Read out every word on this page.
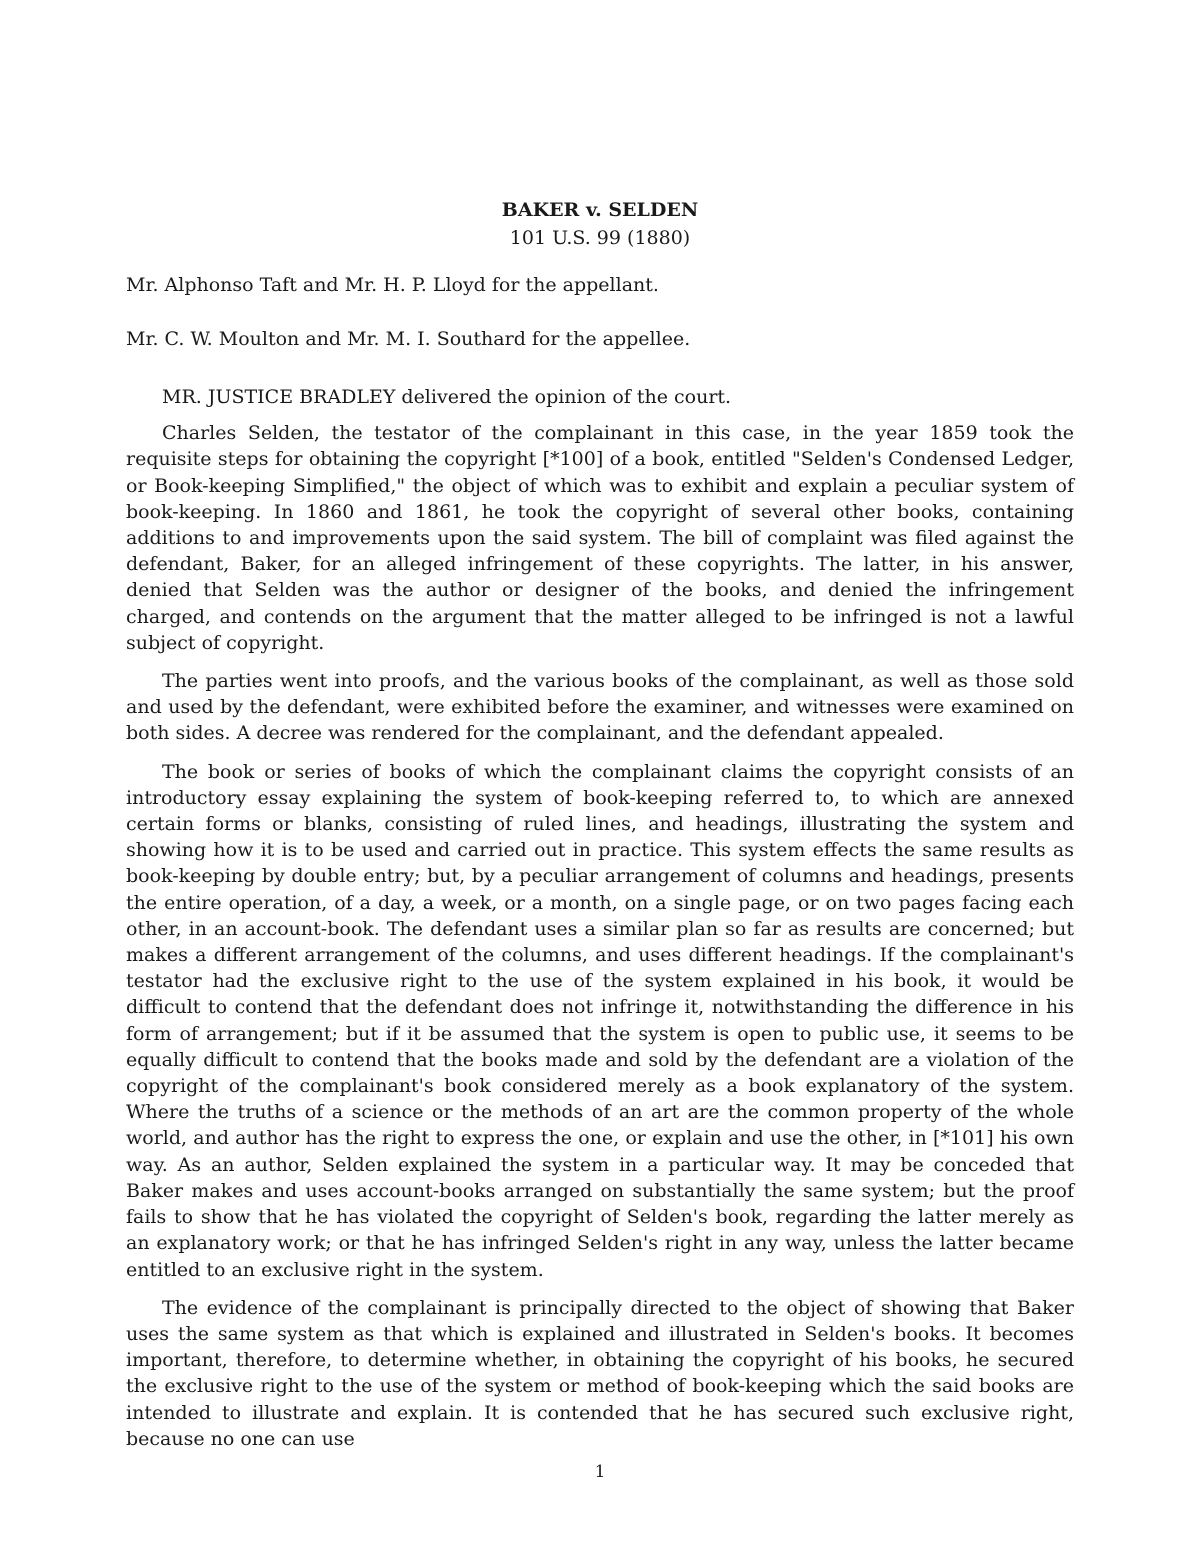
BAKER v. SELDEN

101 U.S. 99 (1880)

Mr. Alphonso Taft and Mr. H. P. Lloyd for the appellant.

Mr. C. W. Moulton and Mr. M. I. Southard for the appellee.

MR. JUSTICE BRADLEY delivered the opinion of the court.

Charles Selden, the testator of the complainant in this case, in the year 1859 took the requisite steps for obtaining the copyright [*100] of a book, entitled "Selden's Condensed Ledger, or Book-keeping Simplified," the object of which was to exhibit and explain a peculiar system of book-keeping. In 1860 and 1861, he took the copyright of several other books, containing additions to and improvements upon the said system. The bill of complaint was filed against the defendant, Baker, for an alleged infringement of these copyrights. The latter, in his answer, denied that Selden was the author or designer of the books, and denied the infringement charged, and contends on the argument that the matter alleged to be infringed is not a lawful subject of copyright.

The parties went into proofs, and the various books of the complainant, as well as those sold and used by the defendant, were exhibited before the examiner, and witnesses were examined on both sides. A decree was rendered for the complainant, and the defendant appealed.

The book or series of books of which the complainant claims the copyright consists of an introductory essay explaining the system of book-keeping referred to, to which are annexed certain forms or blanks, consisting of ruled lines, and headings, illustrating the system and showing how it is to be used and carried out in practice. This system effects the same results as book-keeping by double entry; but, by a peculiar arrangement of columns and headings, presents the entire operation, of a day, a week, or a month, on a single page, or on two pages facing each other, in an account-book. The defendant uses a similar plan so far as results are concerned; but makes a different arrangement of the columns, and uses different headings. If the complainant's testator had the exclusive right to the use of the system explained in his book, it would be difficult to contend that the defendant does not infringe it, notwithstanding the difference in his form of arrangement; but if it be assumed that the system is open to public use, it seems to be equally difficult to contend that the books made and sold by the defendant are a violation of the copyright of the complainant's book considered merely as a book explanatory of the system. Where the truths of a science or the methods of an art are the common property of the whole world, and author has the right to express the one, or explain and use the other, in [*101] his own way. As an author, Selden explained the system in a particular way. It may be conceded that Baker makes and uses account-books arranged on substantially the same system; but the proof fails to show that he has violated the copyright of Selden's book, regarding the latter merely as an explanatory work; or that he has infringed Selden's right in any way, unless the latter became entitled to an exclusive right in the system.

The evidence of the complainant is principally directed to the object of showing that Baker uses the same system as that which is explained and illustrated in Selden's books. It becomes important, therefore, to determine whether, in obtaining the copyright of his books, he secured the exclusive right to the use of the system or method of book-keeping which the said books are intended to illustrate and explain. It is contended that he has secured such exclusive right, because no one can use

1
